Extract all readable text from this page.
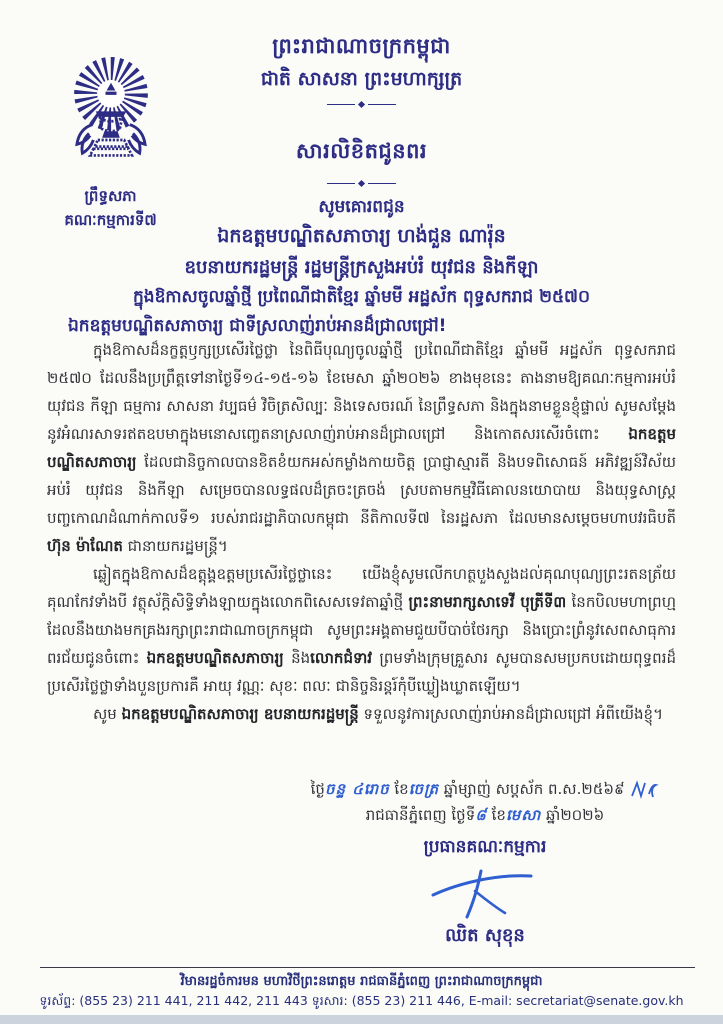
ព្រះរាជាណាចក្រកម្ពុជា
ជាតិ សាសនា ព្រះមហាក្សត្រ
ព្រឹទ្ធសភា
គណៈកម្មការទី៧
សារលិខិតជូនពរ
សូមគោរពជូន
ឯកឧត្តមបណ្ឌិតសភាចារ្យ ហង់ជួន ណារ៉ុន
ឧបនាយករដ្ឋមន្ត្រី រដ្ឋមន្ត្រីក្រសួងអប់រំ យុវជន និងកីឡា
ក្នុងឱកាសចូលឆ្នាំថ្មី ប្រពៃណីជាតិខ្មែរ ឆ្នាំមមី អដ្ឋស័ក ពុទ្ធសករាជ ២៥៧០
ឯកឧត្តមបណ្ឌិតសភាចារ្យ ជាទីស្រលាញ់រាប់អានដ៏ជ្រាលជ្រៅ!

ក្នុងឱកាសដ៏នក្ខត្តឫក្សប្រសើរថ្លៃថ្លា នៃពិធីបុណ្យចូលឆ្នាំថ្មី ប្រពៃណីជាតិខ្មែរ ឆ្នាំមមី អដ្ឋស័ក ពុទ្ធសករាជ ២៥៧០ ដែលនឹងប្រព្រឹត្តទៅនាថ្ងៃទី១៤-១៥-១៦ ខែមេសា ឆ្នាំ២០២៦ ខាងមុខនេះ តាងនាមឱ្យគណៈកម្មការអប់រំ យុវជន កីឡា ធម្មការ សាសនា វប្បធម៌ វិចិត្រសិល្បៈ និងទេសចរណ៍ នៃព្រឹទ្ធសភា និងក្នុងនាមខ្លួនខ្ញុំផ្ទាល់ សូមសម្តែងនូវអំណរសាទរឥតឧបមាក្នុងមនោសញ្ចេតនាស្រលាញ់រាប់អានដ៏ជ្រាលជ្រៅ និងកោតសរសើរចំពោះ ឯកឧត្តមបណ្ឌិតសភាចារ្យ ដែលជានិច្ចកាលបានខិតខំយកអស់កម្លាំងកាយចិត្ត ប្រាជ្ញាស្មារតី និងបទពិសោធន៍ អភិវឌ្ឍន៍វិស័យអប់រំ យុវជន និងកីឡា សម្រេចបានលទ្ធផលដ៏ត្រចះត្រចង់ ស្របតាមកម្មវិធីគោលនយោបាយ និងយុទ្ធសាស្ត្របញ្ចកោណដំណាក់កាលទី១ របស់រាជរដ្ឋាភិបាលកម្ពុជា នីតិកាលទី៧ នៃរដ្ឋសភា ដែលមានសម្តេចមហាបវរធិបតី ហ៊ុន ម៉ាណែត ជានាយករដ្ឋមន្ត្រី។

ឆ្លៀតក្នុងឱកាសដ៏ឧត្តុង្គឧត្តមប្រសើរថ្លៃថ្លានេះ យើងខ្ញុំសូមលើកហត្ថបួងសួងដល់គុណបុណ្យព្រះរតនត្រ័យគុណកែវទាំងបី វត្ថុស័ក្តិសិទ្ធិទាំងឡាយក្នុងលោកពិសេសទេវតាឆ្នាំថ្មី ព្រះនាមរាក្សសាទេវី បុត្រីទី៣ នៃកបិលមហាព្រហ្ម ដែលនឹងយាងមកគ្រងរក្សាព្រះរាជាណាចក្រកម្ពុជា សូមព្រះអង្គតាមជួយបីបាច់ថែរក្សា និងប្រោះព្រំនូវសេពសាធុការពរជ័យជូនចំពោះ ឯកឧត្តមបណ្ឌិតសភាចារ្យ និងលោកជំទាវ ព្រមទាំងក្រុមគ្រួសារ សូមបានសមប្រកបដោយពុទ្ធពរដ៏ប្រសើរថ្លៃថ្លាទាំងបួនប្រការគឺ អាយុ វណ្ណៈ សុខៈ ពលៈ ជានិច្ចនិរន្តរ៍កុំបីឃ្លៀងឃ្លាតឡើយ។

សូម ឯកឧត្តមបណ្ឌិតសភាចារ្យ ឧបនាយករដ្ឋមន្ត្រី ទទួលនូវការស្រលាញ់រាប់អានដ៏ជ្រាលជ្រៅ អំពីយើងខ្ញុំ។

ថ្ងៃចន្ទ ៤រោច ខែចេត្រ ឆ្នាំម្សាញ់ សប្តស័ក ព.ស.២៥៦៩
រាជធានីភ្នំពេញ ថ្ងៃទី៨ ខែមេសា ឆ្នាំ២០២៦
ប្រធានគណៈកម្មការ
ឈិត សុខុន
វិមានរដ្ឋចំការមន មហាវិថីព្រះនរោត្តម រាជធានីភ្នំពេញ ព្រះរាជាណាចក្រកម្ពុជា
ទូរស័ព្ទ: (855 23) 211 441, 211 442, 211 443 ទូរសារ: (855 23) 211 446, E-mail: secretariat@senate.gov.kh
